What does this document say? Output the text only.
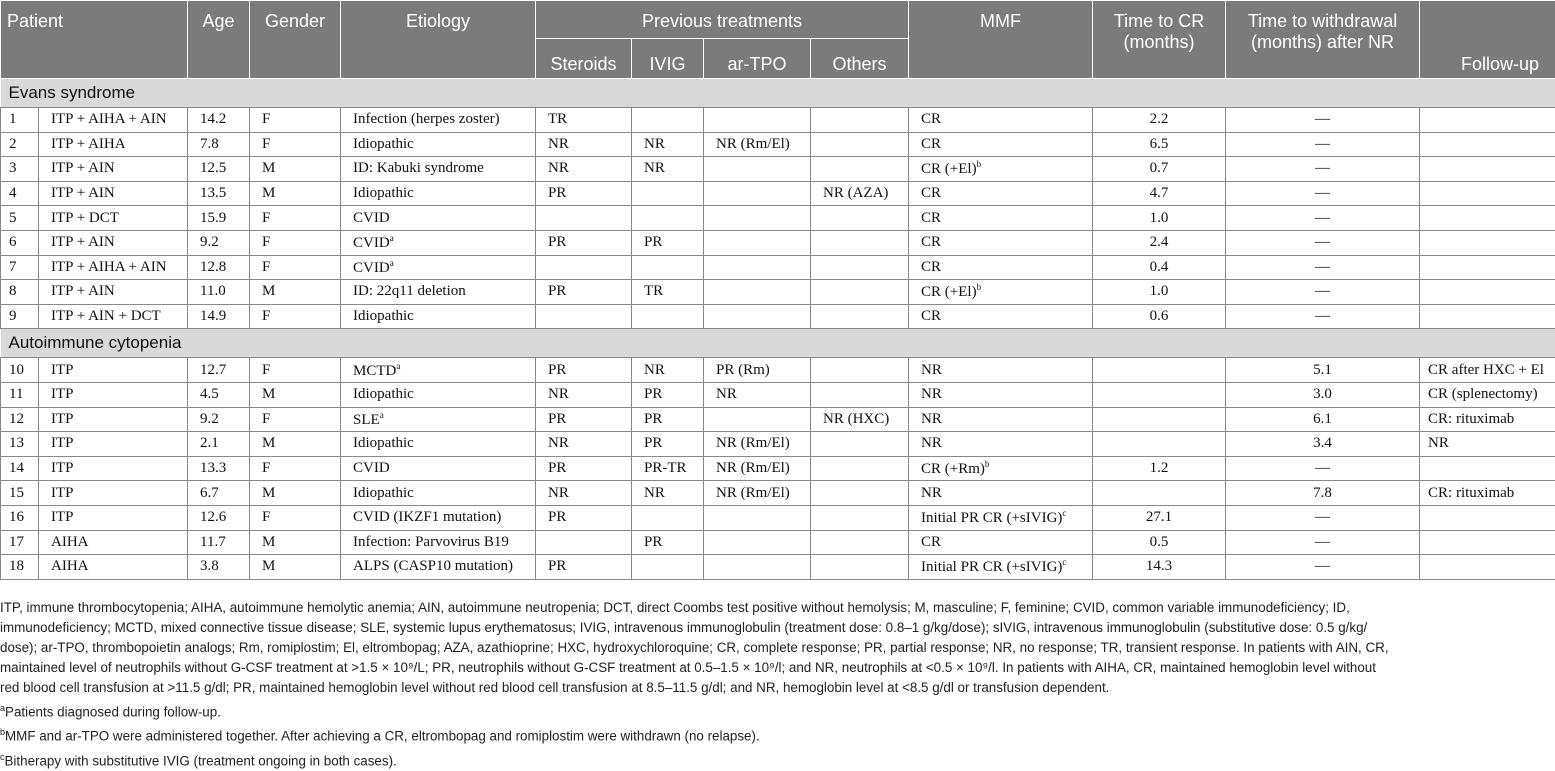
Patient		Age	Gender	Etiology	Previous treatments				MMF	Time to CR (months)	Time to withdrawal (months) after NR	Follow-up
					Steroids	IVIG	ar-TPO	Others				
Evans syndrome												
1	ITP + AIHA + AIN	14.2	F	Infection (herpes zoster)	TR				CR	2.2	—	
2	ITP + AIHA	7.8	F	Idiopathic	NR	NR	NR (Rm/El)		CR	6.5	—	
3	ITP + AIN	12.5	M	ID: Kabuki syndrome	NR	NR			CR $(+El)^b$	0.7	—	
4	ITP + AIN	13.5	M	Idiopathic	PR			NR (AZA)	CR	4.7	—	
5	ITP + DCT	15.9	F	CVID					CR	1.0	—	
6	ITP + AIN	9.2	F	CVID$^a$	PR	PR			CR	2.4	—	
7	ITP + AIHA + AIN	12.8	F	CVID$^a$					CR	0.4	—	
8	ITP + AIN	11.0	M	ID: 22q11 deletion	PR	TR			CR $(+El)^b$	1.0	—	
9	ITP + AIN + DCT	14.9	F	Idiopathic					CR	0.6	—	
Autoimmune cytopenia												
10	ITP	12.7	F	MCTD$^a$	PR	NR	PR (Rm)		NR		5.1	CR after HXC + El
11	ITP	4.5	M	Idiopathic	NR	PR	NR		NR		3.0	CR (splenectomy)
12	ITP	9.2	F	SLE$^a$	PR	PR		NR (HXC)	NR		6.1	CR: rituximab
13	ITP	2.1	M	Idiopathic	NR	PR	NR (Rm/El)		NR		3.4	NR
14	ITP	13.3	F	CVID	PR	PR-TR	NR (Rm/El)		CR $(+Rm)^b$	1.2	—	
15	ITP	6.7	M	Idiopathic	NR	NR	NR (Rm/El)		NR		7.8	CR: rituximab
16	ITP	12.6	F	CVID (IKZF1 mutation)	PR				Initial PR CR (+sIVIG)$^c$	27.1	—	
17	AIHA	11.7	M	Infection: Parvovirus B19		PR			CR	0.5	—	
18	AIHA	3.8	M	ALPS (CASP10 mutation)	PR				Initial PR CR (+sIVIG)$^c$	14.3	—	

ITP, immune thrombocytopenia; AIHA, autoimmune hemolytic anemia; AIN, autoimmune neutropenia; DCT, direct Coombs test positive without hemolysis; M, masculine; F, feminine; CVID, common variable immunodeficiency; ID,

immunodeficiency; MCTD, mixed connective tissue disease; SLE, systemic lupus erythematosus; IVIG, intravenous immunoglobulin (treatment dose: 0.8–1 g/kg/dose); sIVIG, intravenous immunoglobulin (substitutive dose: 0.5 g/kg/

dose); ar-TPO, thrombopoietin analogs; Rm, romiplostim; El, eltrombopag; AZA, azathioprine; HXC, hydroxychloroquine; CR, complete response; PR, partial response; NR, no response; TR, transient response. In patients with AIN, CR,

maintained level of neutrophils without G-CSF treatment at >1.5 × 10⁹/L; PR, neutrophils without G-CSF treatment at 0.5–1.5 × 10⁹/l; and NR, neutrophils at <0.5 × 10⁹/l. In patients with AIHA, CR, maintained hemoglobin level without

red blood cell transfusion at >11.5 g/dl; PR, maintained hemoglobin level without red blood cell transfusion at 8.5–11.5 g/dl; and NR, hemoglobin level at <8.5 g/dl or transfusion dependent.

$^a$Patients diagnosed during follow-up.

$^b$MMF and ar-TPO were administered together. After achieving a CR, eltrombopag and romiplostim were withdrawn (no relapse).

$^c$Bitherapy with substitutive IVIG (treatment ongoing in both cases).
